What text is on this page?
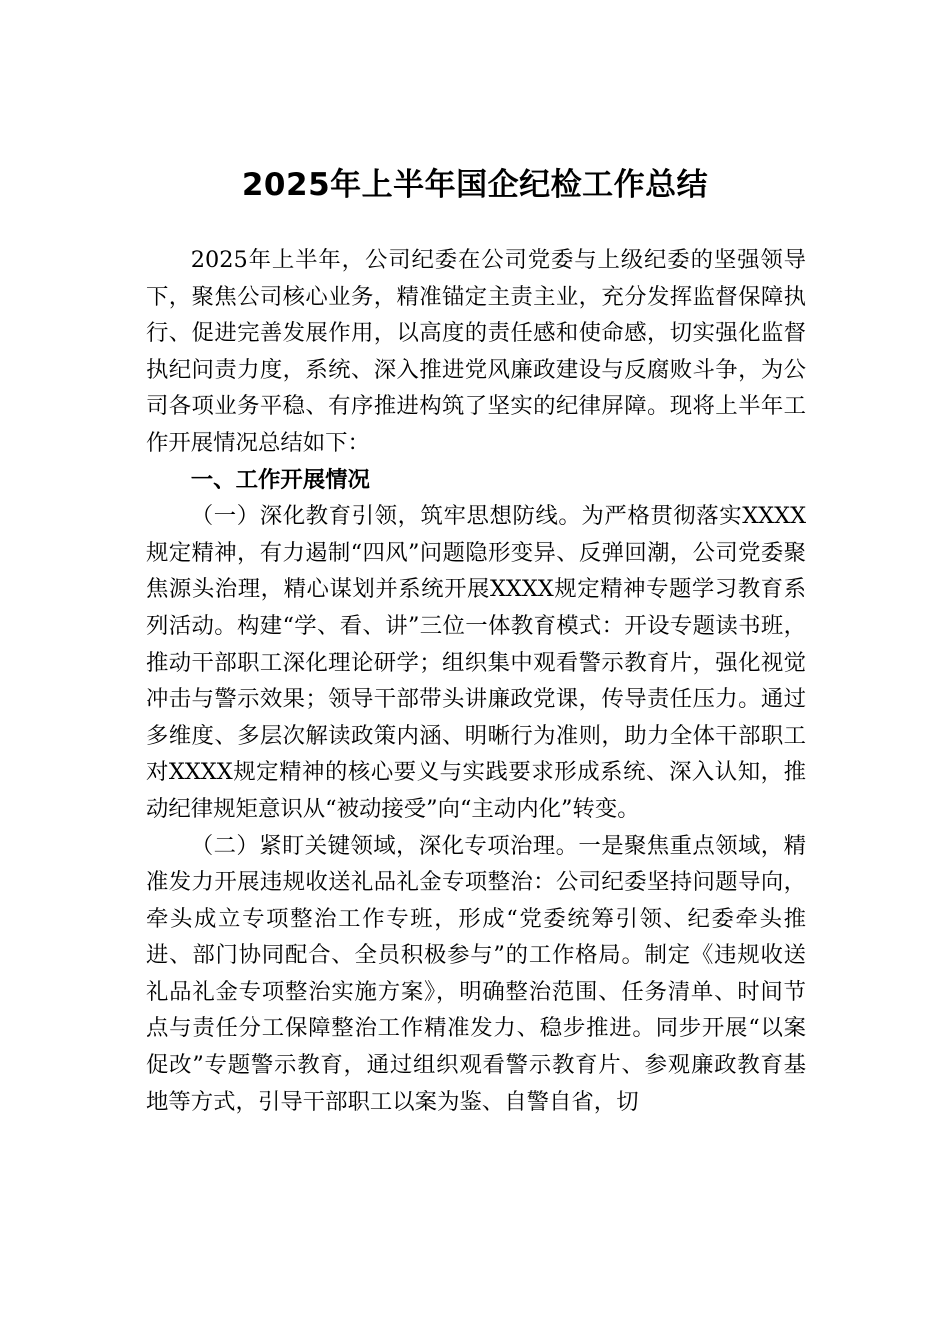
2025年上半年国企纪检工作总结

2025年上半年，公司纪委在公司党委与上级纪委的坚强领导下，聚焦公司核心业务，精准锚定主责主业，充分发挥监督保障执行、促进完善发展作用，以高度的责任感和使命感，切实强化监督执纪问责力度，系统、深入推进党风廉政建设与反腐败斗争，为公司各项业务平稳、有序推进构筑了坚实的纪律屏障。现将上半年工作开展情况总结如下：

一、工作开展情况

（一）深化教育引领，筑牢思想防线。为严格贯彻落实XXXX规定精神，有力遏制“四风”问题隐形变异、反弹回潮，公司党委聚焦源头治理，精心谋划并系统开展XXXX规定精神专题学习教育系列活动。构建“学、看、讲”三位一体教育模式：开设专题读书班，推动干部职工深化理论研学；组织集中观看警示教育片，强化视觉冲击与警示效果；领导干部带头讲廉政党课，传导责任压力。通过多维度、多层次解读政策内涵、明晰行为准则，助力全体干部职工对XXXX规定精神的核心要义与实践要求形成系统、深入认知，推动纪律规矩意识从“被动接受”向“主动内化”转变。

（二）紧盯关键领域，深化专项治理。一是聚焦重点领域，精准发力开展违规收送礼品礼金专项整治：公司纪委坚持问题导向，牵头成立专项整治工作专班，形成“党委统筹引领、纪委牵头推进、部门协同配合、全员积极参与”的工作格局。制定《违规收送礼品礼金专项整治实施方案》，明确整治范围、任务清单、时间节点与责任分工保障整治工作精准发力、稳步推进。同步开展“以案促改”专题警示教育，通过组织观看警示教育片、参观廉政教育基地等方式，引导干部职工以案为鉴、自警自省，切
